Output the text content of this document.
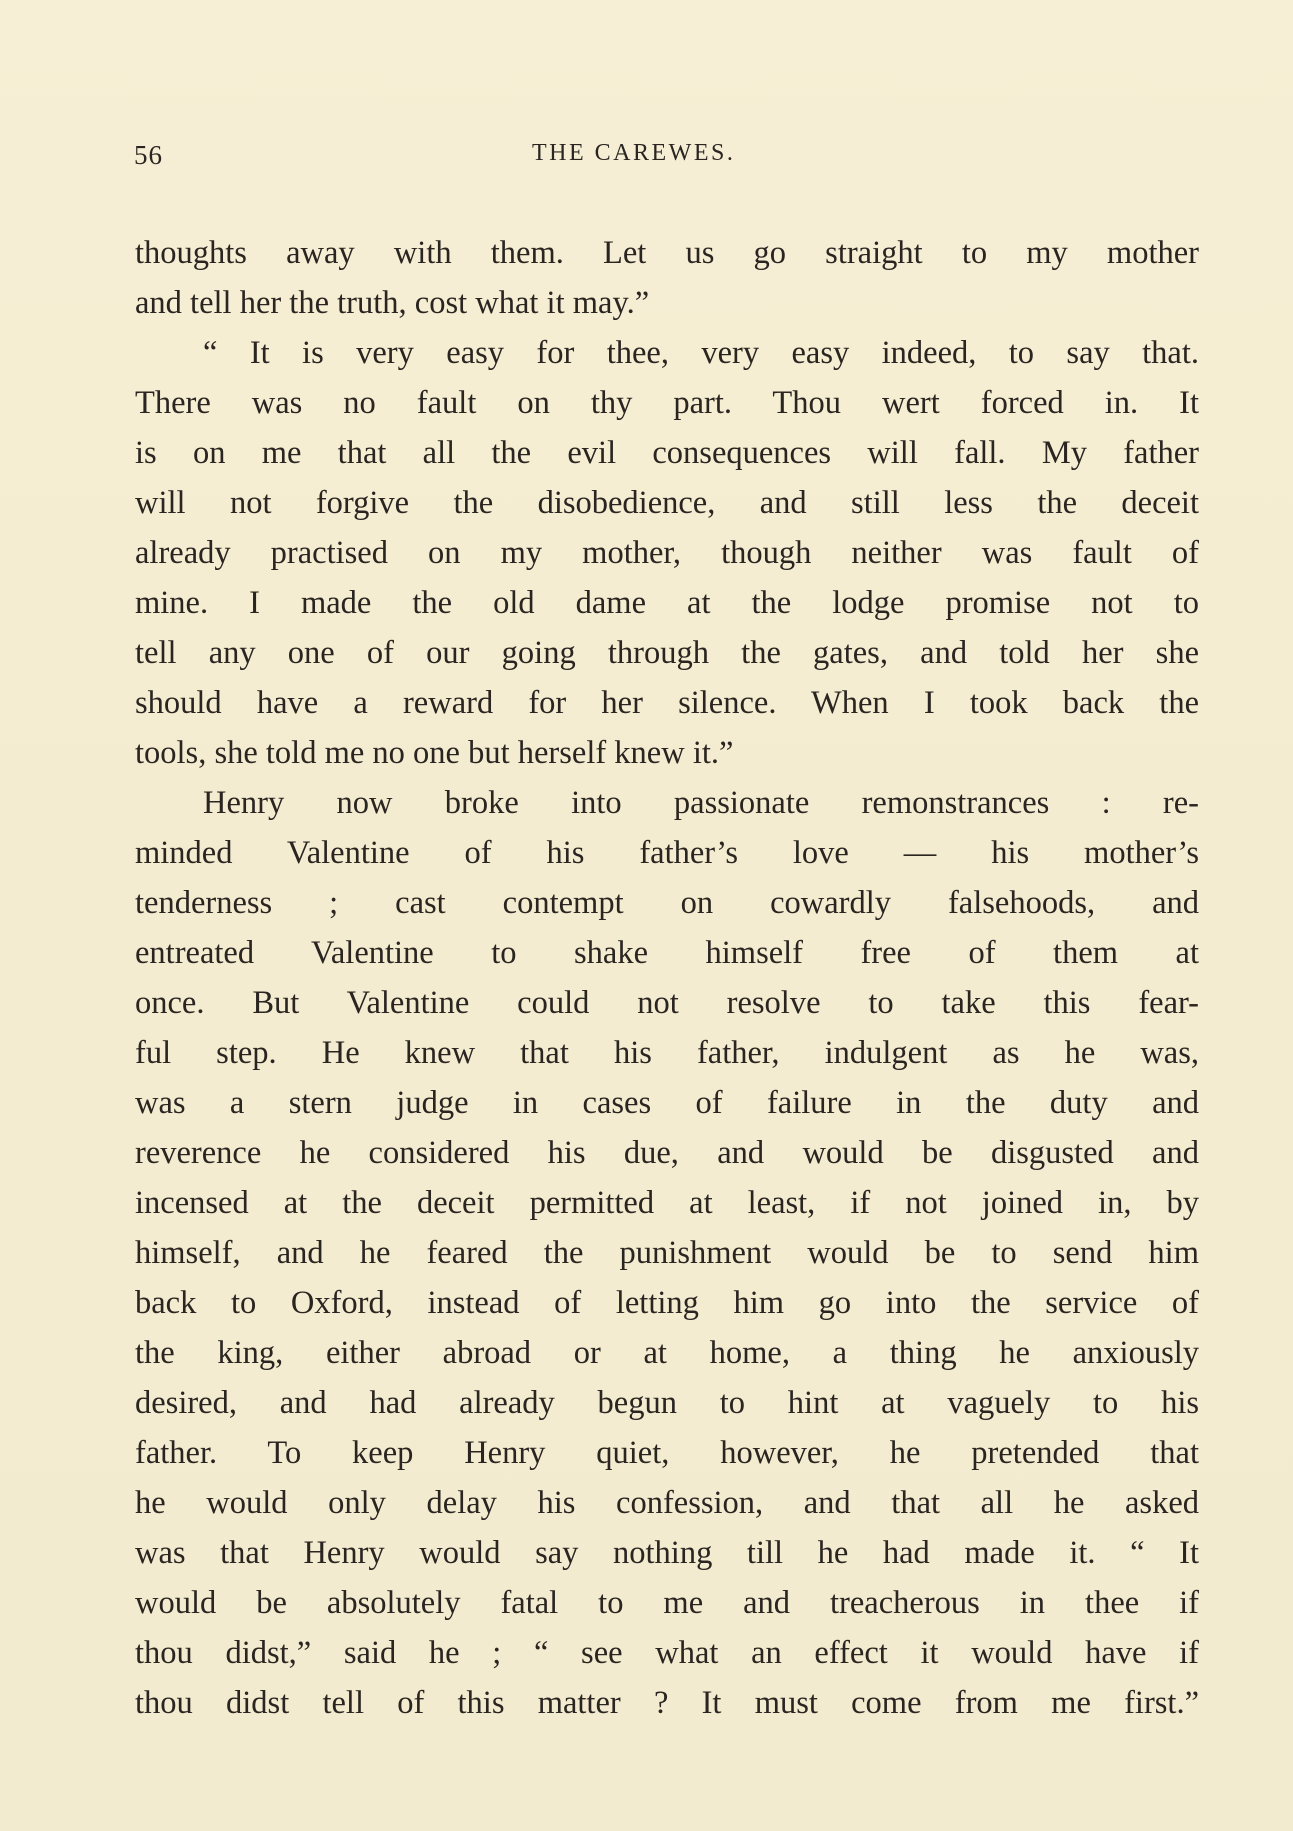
56	THE CAREWES.
thoughts away with them. Let us go straight to my mother
and tell her the truth, cost what it may.”
“ It is very easy for thee, very easy indeed, to say that.
There was no fault on thy part. Thou wert forced in. It
is on me that all the evil consequences will fall. My father
will not forgive the disobedience, and still less the deceit
already practised on my mother, though neither was fault of
mine. I made the old dame at the lodge promise not to
tell any one of our going through the gates, and told her she
should have a reward for her silence. When I took back the
tools, she told me no one but herself knew it.”
Henry now broke into passionate remonstrances : re-
minded Valentine of his father’s love — his mother’s
tenderness ; cast contempt on cowardly falsehoods, and
entreated Valentine to shake himself free of them at
once. But Valentine could not resolve to take this fear-
ful step. He knew that his father, indulgent as he was,
was a stern judge in cases of failure in the duty and
reverence he considered his due, and would be disgusted and
incensed at the deceit permitted at least, if not joined in, by
himself, and he feared the punishment would be to send him
back to Oxford, instead of letting him go into the service of
the king, either abroad or at home, a thing he anxiously
desired, and had already begun to hint at vaguely to his
father. To keep Henry quiet, however, he pretended that
he would only delay his confession, and that all he asked
was that Henry would say nothing till he had made it. “ It
would be absolutely fatal to me and treacherous in thee if
thou didst,” said he ; “ see what an effect it would have if
thou didst tell of this matter ? It must come from me first.”
